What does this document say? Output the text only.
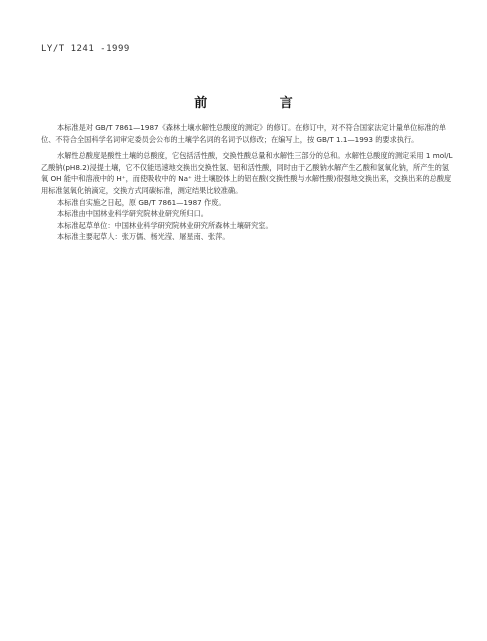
LY/T 1241 -1999
前 言

本标准是对 GB/T 7861—1987《森林土壤水解性总酸度的测定》的修订。在修订中，对不符合国家法定计量单位标准的单位、不符合全国科学名词审定委员会公布的土壤学名词的名词予以修改；在编写上，按 GB/T 1.1—1993 的要求执行。

水解性总酸度是酸性土壤的总酸度，它包括活性酸，交换性酸总量和水解性三部分的总和。水解性总酸度的测定采用 1 mol/L 乙酸钠(pH8.2)浸提土壤，它不仅能迅速地交换出交换性氢、铝和活性酸，同时由于乙酸钠水解产生乙酸和氢氧化钠，所产生的氢氧 OH 能中和溶液中的 H⁺，而使吸收中的 Na⁺ 进土壤胶体上的铝在酸(交换性酸与水解性酸)很强地交换出来，交换出来的总酸度用标准氢氧化钠滴定，交换方式同碳标准，测定结果比较准确。

本标准自实施之日起，原 GB/T 7861—1987 作废。

本标准由中国林业科学研究院林业研究所归口。

本标准起草单位：中国林业科学研究院林业研究所森林土壤研究室。

本标准主要起草人：张万儒、杨光滢、屠星南、张萍。
